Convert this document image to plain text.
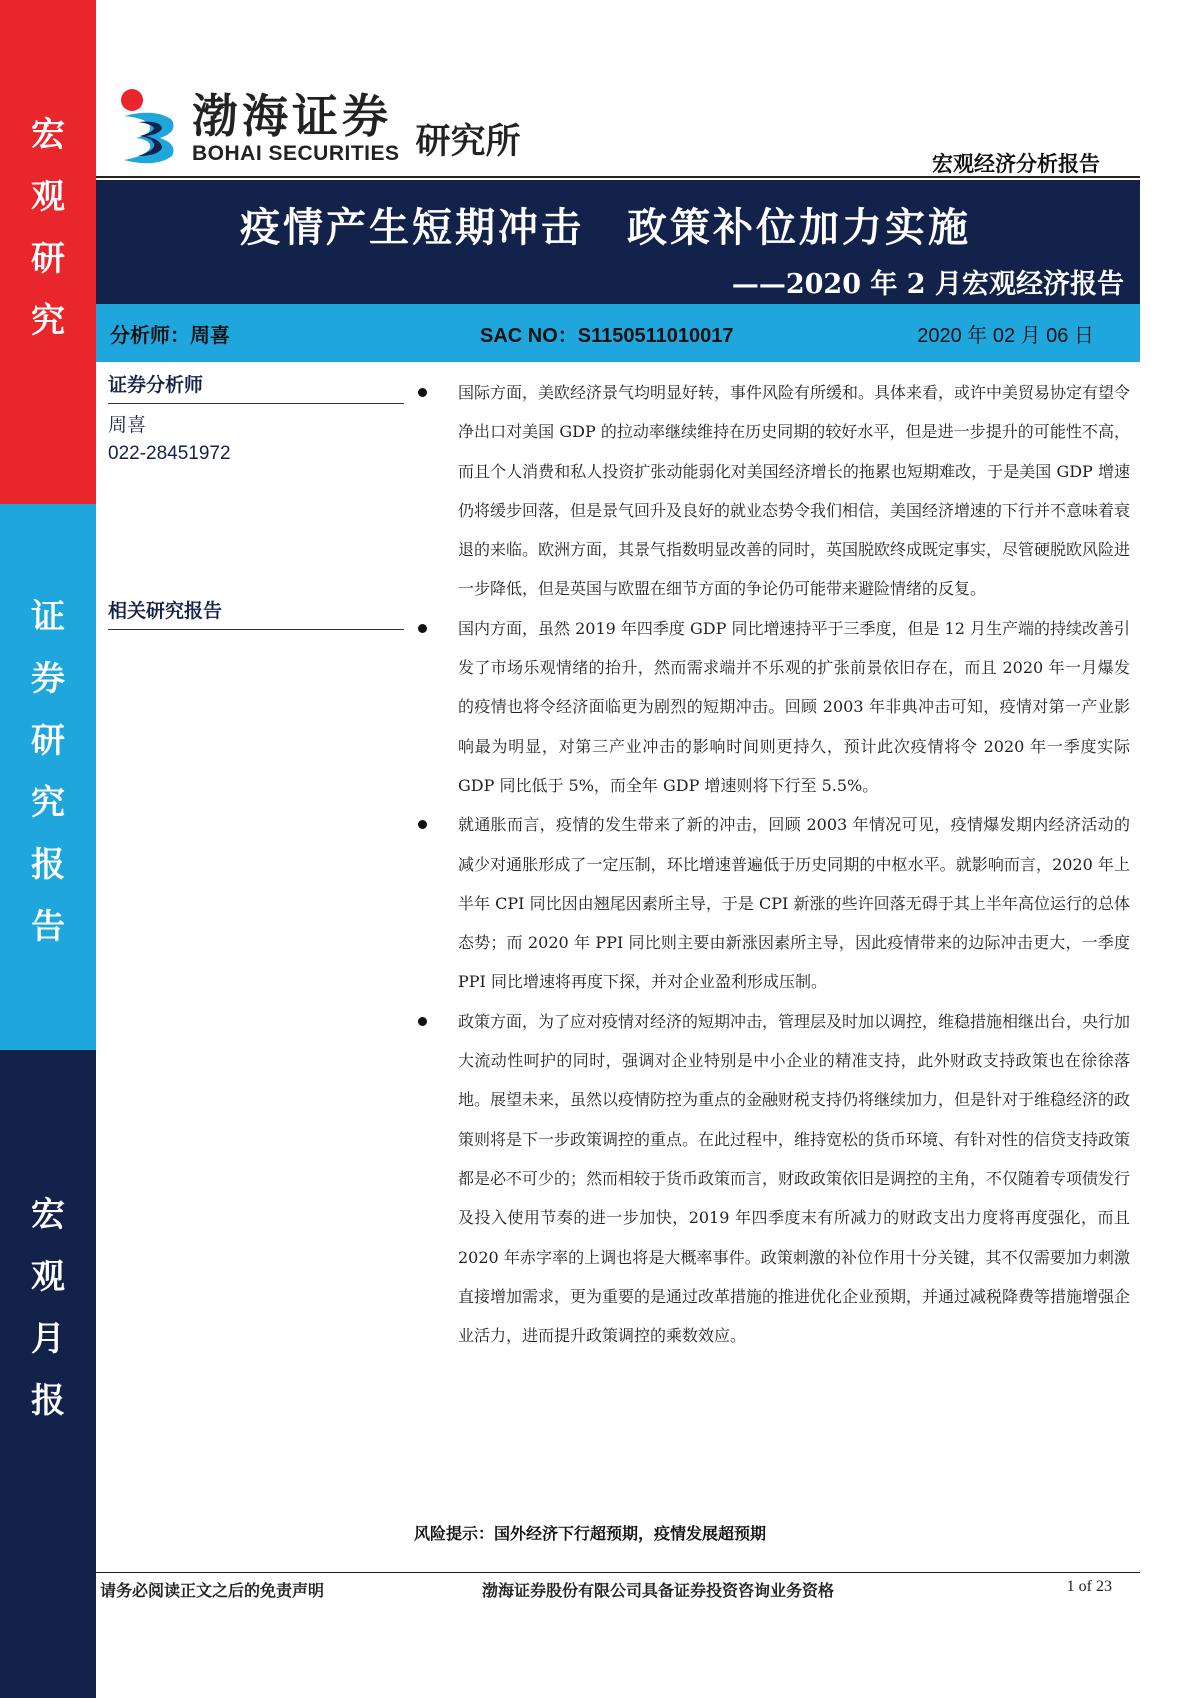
宏
观
研
究
证
券
研
究
报
告
宏
观
月
报
渤海证券
BOHAI SECURITIES 研究所
宏观经济分析报告
疫情产生短期冲击　政策补位加力实施
——2020 年 2 月宏观经济报告
分析师：周喜	SAC NO：S1150511010017	2020 年 02 月 06 日
证券分析师
周喜
022-28451972
相关研究报告
国际方面，美欧经济景气均明显好转，事件风险有所缓和。具体来看，或许中美贸易协定有望令净出口对美国 GDP 的拉动率继续维持在历史同期的较好水平，但是进一步提升的可能性不高，而且个人消费和私人投资扩张动能弱化对美国经济增长的拖累也短期难改，于是美国 GDP 增速仍将缓步回落，但是景气回升及良好的就业态势令我们相信，美国经济增速的下行并不意味着衰退的来临。欧洲方面，其景气指数明显改善的同时，英国脱欧终成既定事实，尽管硬脱欧风险进一步降低，但是英国与欧盟在细节方面的争论仍可能带来避险情绪的反复。
国内方面，虽然 2019 年四季度 GDP 同比增速持平于三季度，但是 12 月生产端的持续改善引发了市场乐观情绪的抬升，然而需求端并不乐观的扩张前景依旧存在，而且 2020 年一月爆发的疫情也将令经济面临更为剧烈的短期冲击。回顾 2003 年非典冲击可知，疫情对第一产业影响最为明显，对第三产业冲击的影响时间则更持久，预计此次疫情将令 2020 年一季度实际 GDP 同比低于 5%，而全年 GDP 增速则将下行至 5.5%。
就通胀而言，疫情的发生带来了新的冲击，回顾 2003 年情况可见，疫情爆发期内经济活动的减少对通胀形成了一定压制，环比增速普遍低于历史同期的中枢水平。就影响而言，2020 年上半年 CPI 同比因由翘尾因素所主导，于是 CPI 新涨的些许回落无碍于其上半年高位运行的总体态势；而 2020 年 PPI 同比则主要由新涨因素所主导，因此疫情带来的边际冲击更大，一季度 PPI 同比增速将再度下探，并对企业盈利形成压制。
政策方面，为了应对疫情对经济的短期冲击，管理层及时加以调控，维稳措施相继出台，央行加大流动性呵护的同时，强调对企业特别是中小企业的精准支持，此外财政支持政策也在徐徐落地。展望未来，虽然以疫情防控为重点的金融财税支持仍将继续加力，但是针对于维稳经济的政策则将是下一步政策调控的重点。在此过程中，维持宽松的货币环境、有针对性的信贷支持政策都是必不可少的；然而相较于货币政策而言，财政政策依旧是调控的主角，不仅随着专项债发行及投入使用节奏的进一步加快，2019 年四季度末有所减力的财政支出力度将再度强化，而且 2020 年赤字率的上调也将是大概率事件。政策刺激的补位作用十分关键，其不仅需要加力刺激直接增加需求，更为重要的是通过改革措施的推进优化企业预期，并通过减税降费等措施增强企业活力，进而提升政策调控的乘数效应。
风险提示：国外经济下行超预期，疫情发展超预期
请务必阅读正文之后的免责声明	渤海证券股份有限公司具备证券投资咨询业务资格	1 of 23
